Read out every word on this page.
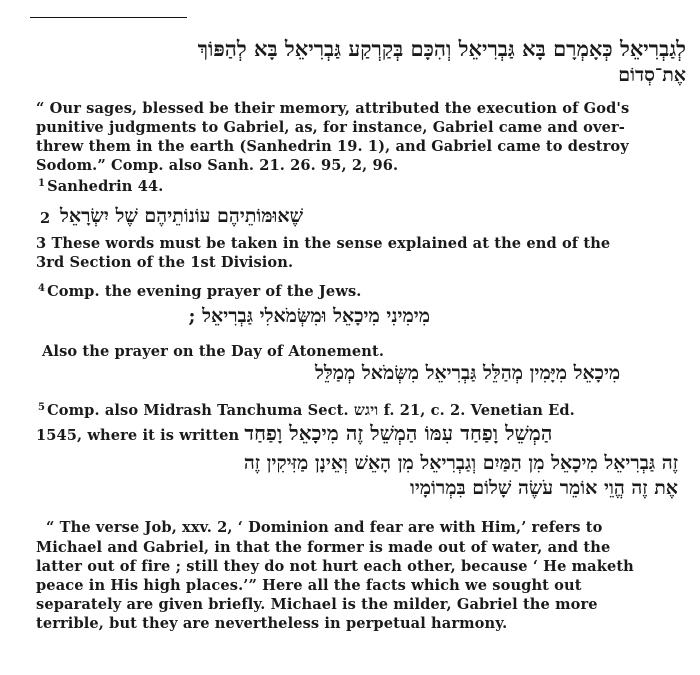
לְגַבְרִיאֵל כְּאָמְרָם בָּא גַּבְרִיאֵל וְהִכָּם בְּקַרְקַע גַּבְרִיאֵל בָּא לְהַפּוֹךְ
אֶת־סְדוֹם
“ Our sages, blessed be their memory, attributed the execution of God's
punitive judgments to Gabriel, as, for instance, Gabriel came and over-
threw them in the earth (Sanhedrin 19. 1), and Gabriel came to destroy
Sodom.” Comp. also Sanh. 21. 26. 95, 2, 96.
$^1$ Sanhedrin 44.
2 שֶׁאוּמּוֹתֵיהֶם עוֹנוֹתֵיהֶם שֶׁל יִשְׂרָאֵל
3 These words must be taken in the sense explained at the end of the
3rd Section of the 1st Division.
$^4$ Comp. the evening prayer of the Jews.
מִימִינִי מִיכָאֵל וּמִשְּׂמֹאלִי גַּבְרִיאֵל ;
Also the prayer on the Day of Atonement.
מִיכָאֵל מִיָּמִין מְהַלֵּל גַּבְרִיאֵל מִשְּׂמֹאל מְמַלֵּל
$^5$ Comp. also Midrash Tanchuma Sect. ויגש f. 21, c. 2. Venetian Ed.
1545, where it is written הַמְשֵׁל וָפַחַד עִמּוֹ הַמְשֵׁל זֶה מִיכָאֵל וָפַחַד
זֶה גַּבְרִיאֵל מִיכָאֵל מִן הַמַּיִם וְגַבְרִיאֵל מִן הָאֵשׁ וְאֵינָן מַזִּיקִין זֶה
אֶת זֶה הֱוֵי אוֹמֵר עֹשֶׂה שָׁלוֹם בִּמְרוֹמָיו
“ The verse Job, xxv. 2, ‘ Dominion and fear are with Him,’ refers to
Michael and Gabriel, in that the former is made out of water, and the
latter out of fire ; still they do not hurt each other, because ‘ He maketh
peace in His high places.’” Here all the facts which we sought out
separately are given briefly. Michael is the milder, Gabriel the more
terrible, but they are nevertheless in perpetual harmony.
